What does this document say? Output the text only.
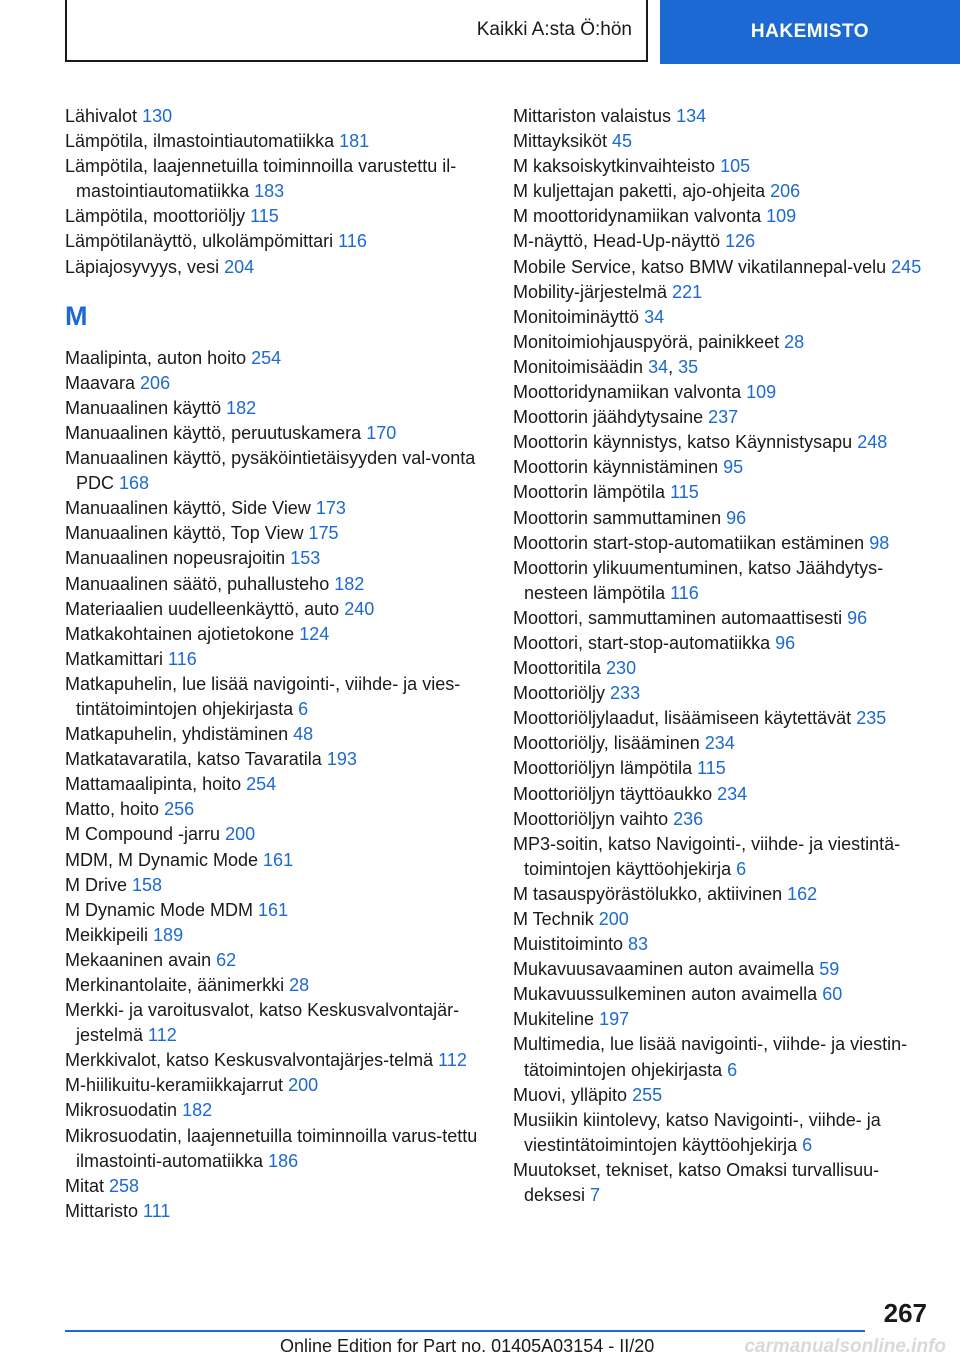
Kaikki A:sta Ö:hön	HAKEMISTO
Lähivalot 130
Lämpötila, ilmastointiautomatiikka 181
Lämpötila, laajennetuilla toiminnoilla varustettu il-mastointiautomatiikka 183
Lämpötila, moottoriöljy 115
Lämpötilanäyttö, ulkolämpömittari 116
Läpiajosyvyys, vesi 204
M
Maalipinta, auton hoito 254
Maavara 206
Manuaalinen käyttö 182
Manuaalinen käyttö, peruutuskamera 170
Manuaalinen käyttö, pysäköintietäisyyden val-vonta PDC 168
Manuaalinen käyttö, Side View 173
Manuaalinen käyttö, Top View 175
Manuaalinen nopeusrajoitin 153
Manuaalinen säätö, puhallusteho 182
Materiaalien uudelleenkäyttö, auto 240
Matkakohtainen ajotietokone 124
Matkamittari 116
Matkapuhelin, lue lisää navigointi-, viihde- ja vies-tintätoimintojen ohjekirjasta 6
Matkapuhelin, yhdistäminen 48
Matkatavaratila, katso Tavaratila 193
Mattamaalipinta, hoito 254
Matto, hoito 256
M Compound -jarru 200
MDM, M Dynamic Mode 161
M Drive 158
M Dynamic Mode MDM 161
Meikkipeili 189
Mekaaninen avain 62
Merkinantolaite, äänimerkki 28
Merkki- ja varoitusvalot, katso Keskusvalvontajär-jestelmä 112
Merkkivalot, katso Keskusvalvontajärjes-telmä 112
M-hiilikuitu-keramiikkajarrut 200
Mikrosuodatin 182
Mikrosuodatin, laajennetuilla toiminnoilla varus-tettu ilmastointi-automatiikka 186
Mitat 258
Mittaristo 111
Mittariston valaistus 134
Mittayksiköt 45
M kaksoiskytkinvaihteisto 105
M kuljettajan paketti, ajo-ohjeita 206
M moottoridynamiikan valvonta 109
M-näyttö, Head-Up-näyttö 126
Mobile Service, katso BMW vikatilannepal-velu 245
Mobility-järjestelmä 221
Monitoiminäyttö 34
Monitoimiohjauspyörä, painikkeet 28
Monitoimisäädin 34, 35
Moottoridynamiikan valvonta 109
Moottorin jäähdytysaine 237
Moottorin käynnistys, katso Käynnistysapu 248
Moottorin käynnistäminen 95
Moottorin lämpötila 115
Moottorin sammuttaminen 96
Moottorin start-stop-automatiikan estäminen 98
Moottorin ylikuumentuminen, katso Jäähdytys-nesteen lämpötila 116
Moottori, sammuttaminen automaattisesti 96
Moottori, start-stop-automatiikka 96
Moottoritila 230
Moottoriöljy 233
Moottoriöljylaadut, lisäämiseen käytettävät 235
Moottoriöljy, lisääminen 234
Moottoriöljyn lämpötila 115
Moottoriöljyn täyttöaukko 234
Moottoriöljyn vaihto 236
MP3-soitin, katso Navigointi-, viihde- ja viestintä-toimintojen käyttöohjekirja 6
M tasauspyörästölukko, aktiivinen 162
M Technik 200
Muistitoiminto 83
Mukavuusavaaminen auton avaimella 59
Mukavuussulkeminen auton avaimella 60
Mukiteline 197
Multimedia, lue lisää navigointi-, viihde- ja viestin-tätoimintojen ohjekirjasta 6
Muovi, ylläpito 255
Musiikin kiintolevy, katso Navigointi-, viihde- ja viestintätoimintojen käyttöohjekirja 6
Muutokset, tekniset, katso Omaksi turvallisuu-deksesi 7
267
Online Edition for Part no. 01405A03154 - II/20	carmanualsonline.info
